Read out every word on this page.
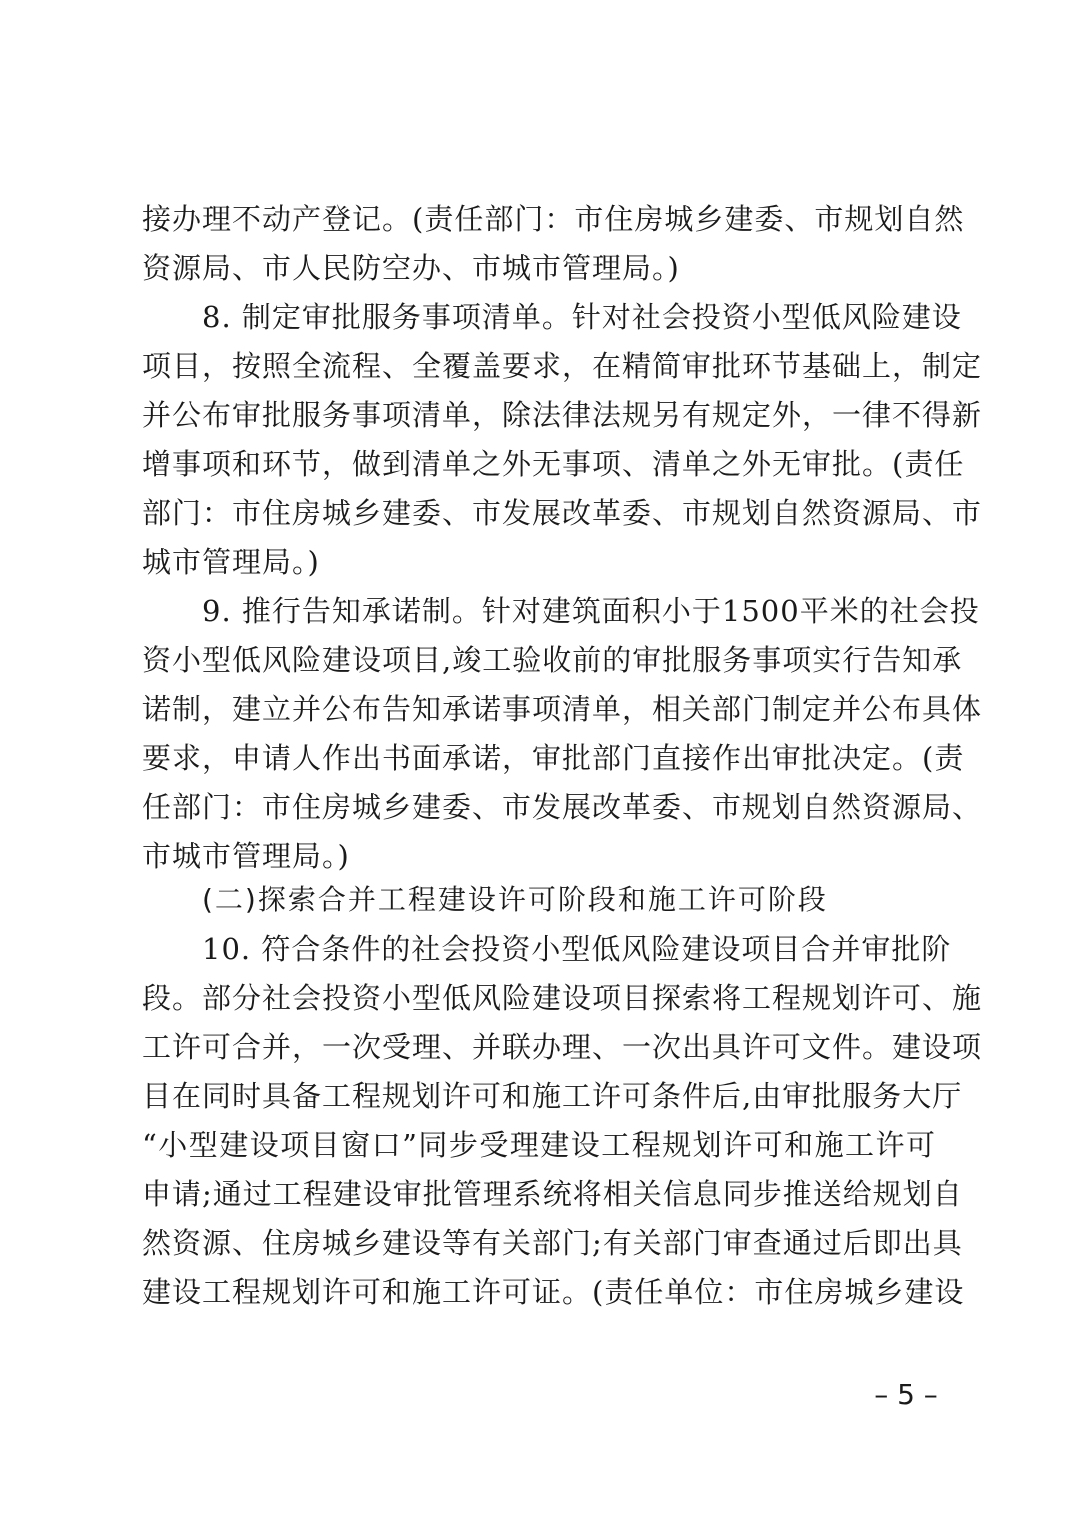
接办理不动产登记。(责任部门：市住房城乡建委、市规划自然
资源局、市人民防空办、市城市管理局。)
8. 制定审批服务事项清单。针对社会投资小型低风险建设
项目，按照全流程、全覆盖要求，在精简审批环节基础上，制定
并公布审批服务事项清单，除法律法规另有规定外，一律不得新
增事项和环节，做到清单之外无事项、清单之外无审批。(责任
部门：市住房城乡建委、市发展改革委、市规划自然资源局、市
城市管理局。)
9. 推行告知承诺制。针对建筑面积小于1500平米的社会投
资小型低风险建设项目,竣工验收前的审批服务事项实行告知承
诺制，建立并公布告知承诺事项清单，相关部门制定并公布具体
要求，申请人作出书面承诺，审批部门直接作出审批决定。(责
任部门：市住房城乡建委、市发展改革委、市规划自然资源局、
市城市管理局。)
(二)探索合并工程建设许可阶段和施工许可阶段
10. 符合条件的社会投资小型低风险建设项目合并审批阶
段。部分社会投资小型低风险建设项目探索将工程规划许可、施
工许可合并，一次受理、并联办理、一次出具许可文件。建设项
目在同时具备工程规划许可和施工许可条件后,由审批服务大厅
“小型建设项目窗口”同步受理建设工程规划许可和施工许可
申请;通过工程建设审批管理系统将相关信息同步推送给规划自
然资源、住房城乡建设等有关部门;有关部门审查通过后即出具
建设工程规划许可和施工许可证。(责任单位：市住房城乡建设
– 5 –
